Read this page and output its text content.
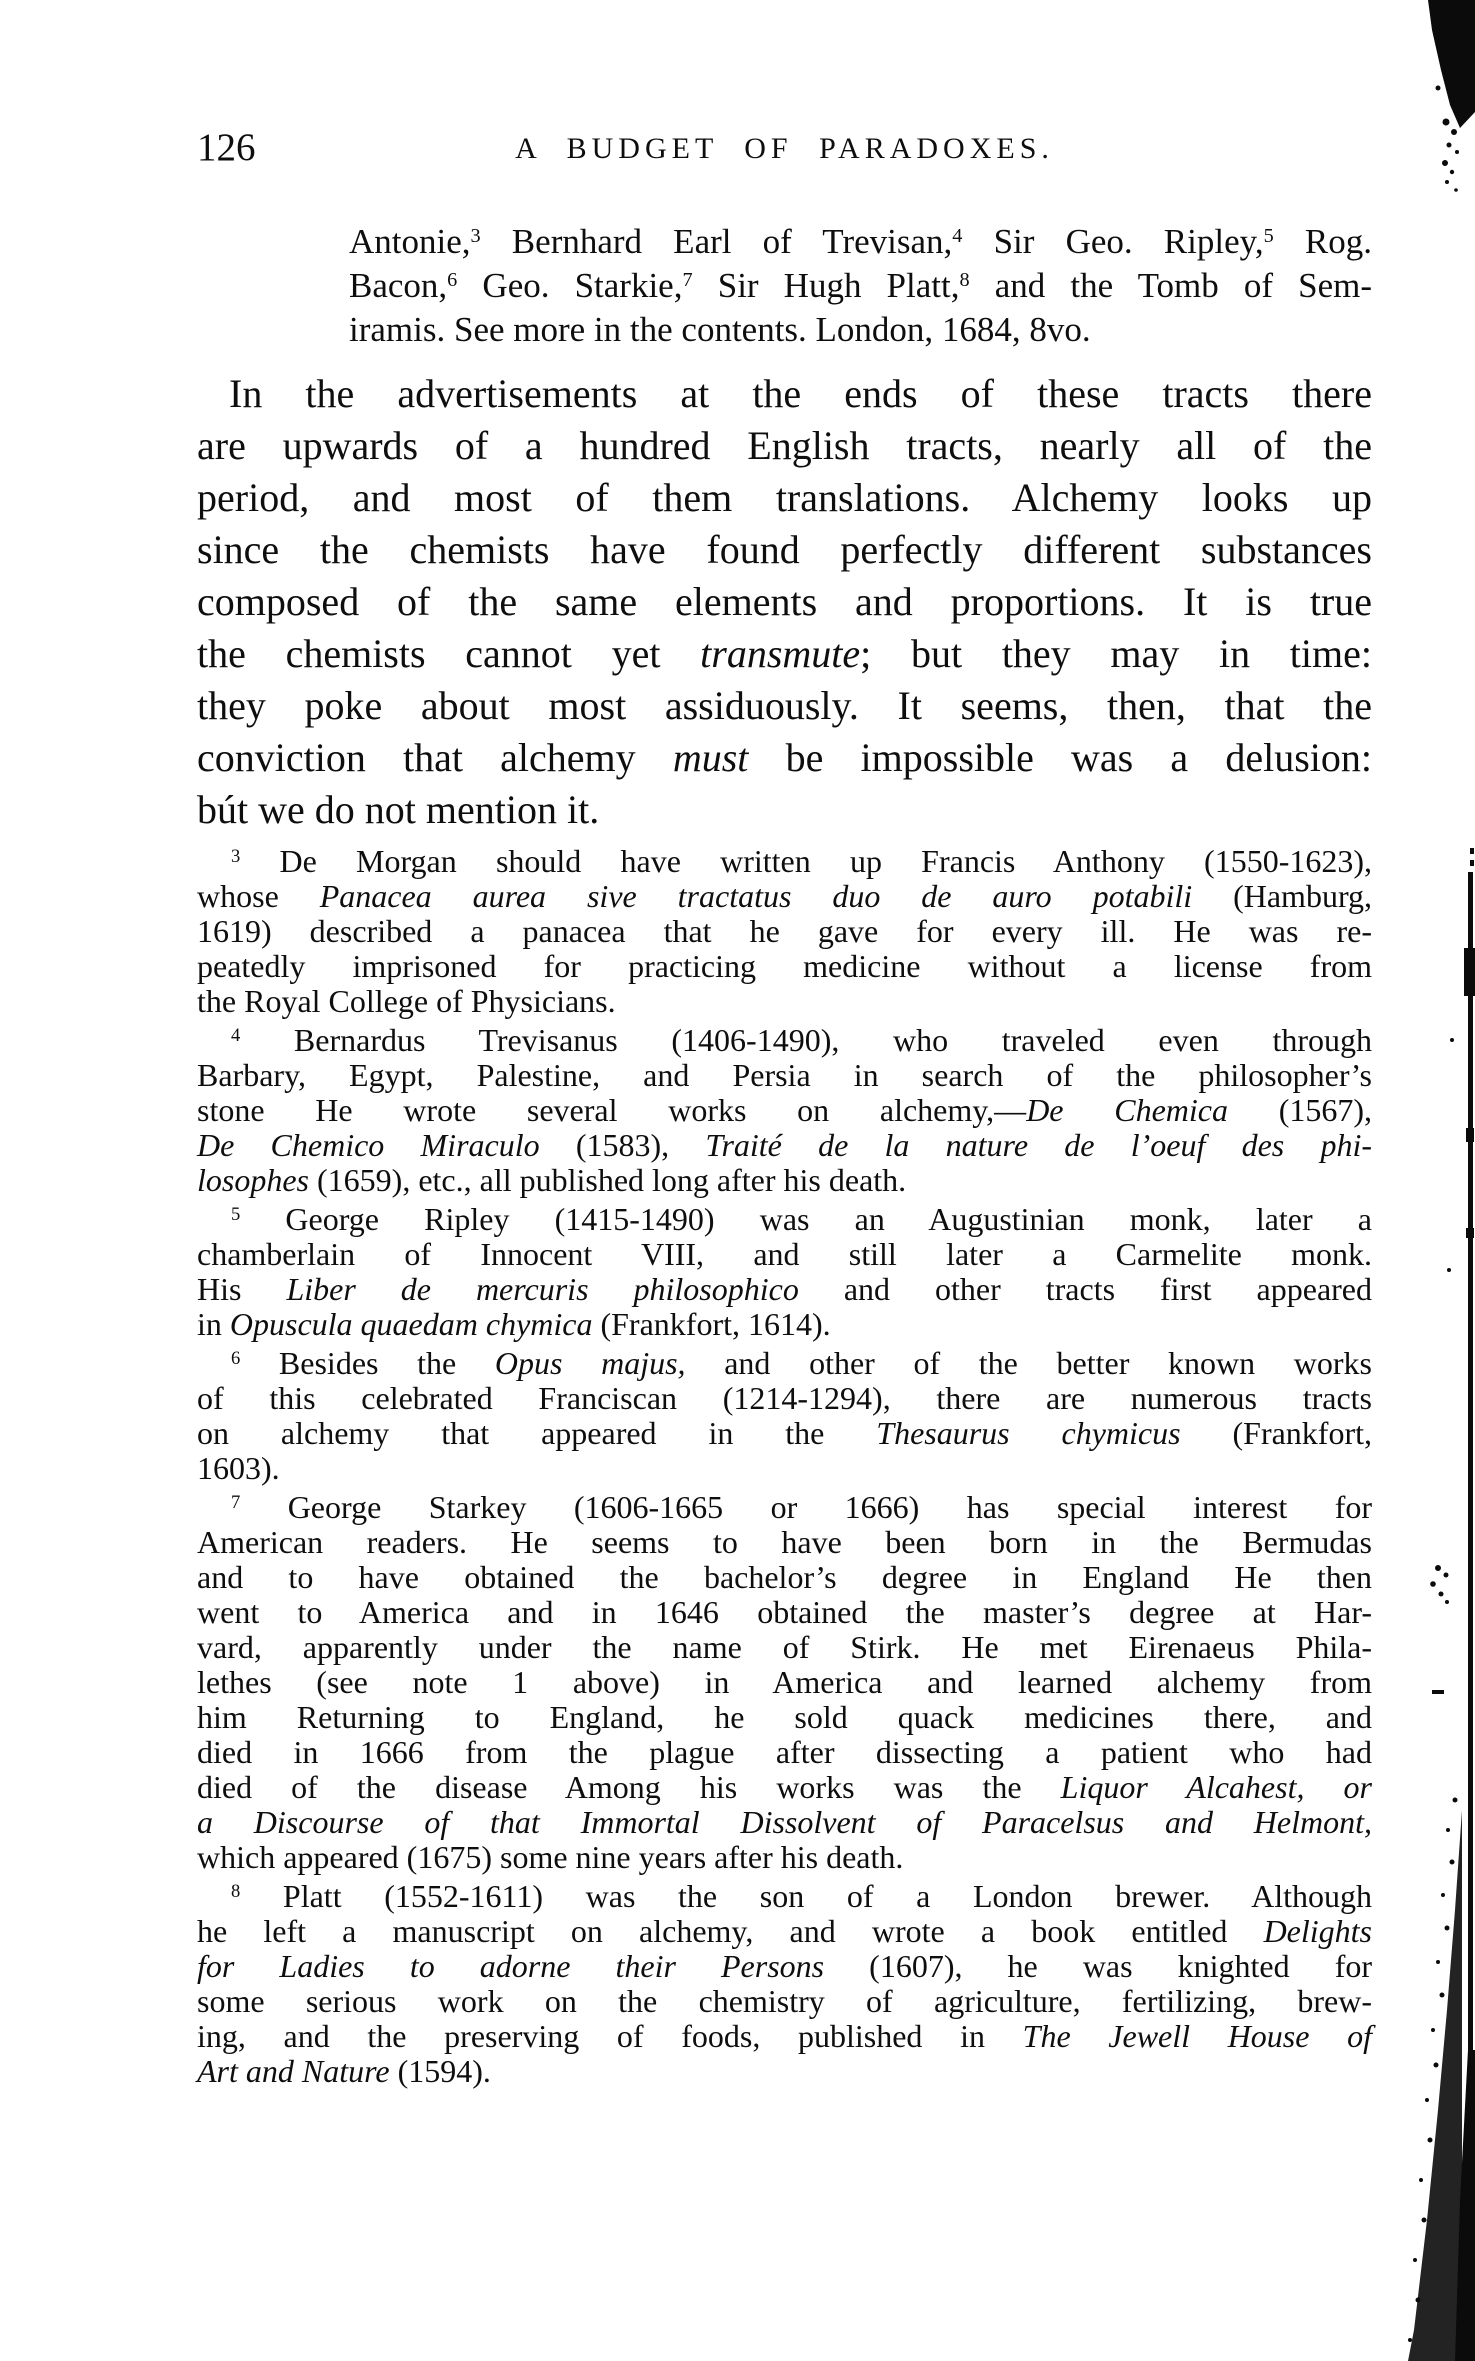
126	A BUDGET OF PARADOXES.
Antonie,$^3$ Bernhard Earl of Trevisan,$^4$ Sir Geo. Ripley,$^5$ Rog.
Bacon,$^6$ Geo. Starkie,$^7$ Sir Hugh Platt,$^8$ and the Tomb of Sem-
iramis. See more in the contents. London, 1684, 8vo.
In the advertisements at the ends of these tracts there
are upwards of a hundred English tracts, nearly all of the
period, and most of them translations. Alchemy looks up
since the chemists have found perfectly different substances
composed of the same elements and proportions. It is true
the chemists cannot yet transmute; but they may in time:
they poke about most assiduously. It seems, then, that the
conviction that alchemy must be impossible was a delusion:
bút we do not mention it.
$^3$ De Morgan should have written up Francis Anthony (1550-1623),
whose Panacea aurea sive tractatus duo de auro potabili (Hamburg,
1619) described a panacea that he gave for every ill. He was re-
peatedly imprisoned for practicing medicine without a license from
the Royal College of Physicians.
$^4$ Bernardus Trevisanus (1406-1490), who traveled even through
Barbary, Egypt, Palestine, and Persia in search of the philosopher’s
stone He wrote several works on alchemy,—De Chemica (1567),
De Chemico Miraculo (1583), Traité de la nature de l’oeuf des phi-
losophes (1659), etc., all published long after his death.
$^5$ George Ripley (1415-1490) was an Augustinian monk, later a
chamberlain of Innocent VIII, and still later a Carmelite monk.
His Liber de mercuris philosophico and other tracts first appeared
in Opuscula quaedam chymica (Frankfort, 1614).
$^6$ Besides the Opus majus, and other of the better known works
of this celebrated Franciscan (1214-1294), there are numerous tracts
on alchemy that appeared in the Thesaurus chymicus (Frankfort,
1603).
$^7$ George Starkey (1606-1665 or 1666) has special interest for
American readers. He seems to have been born in the Bermudas
and to have obtained the bachelor’s degree in England He then
went to America and in 1646 obtained the master’s degree at Har-
vard, apparently under the name of Stirk. He met Eirenaeus Phila-
lethes (see note 1 above) in America and learned alchemy from
him Returning to England, he sold quack medicines there, and
died in 1666 from the plague after dissecting a patient who had
died of the disease Among his works was the Liquor Alcahest, or
a Discourse of that Immortal Dissolvent of Paracelsus and Helmont,
which appeared (1675) some nine years after his death.
$^8$ Platt (1552-1611) was the son of a London brewer. Although
he left a manuscript on alchemy, and wrote a book entitled Delights
for Ladies to adorne their Persons (1607), he was knighted for
some serious work on the chemistry of agriculture, fertilizing, brew-
ing, and the preserving of foods, published in The Jewell House of
Art and Nature (1594).
